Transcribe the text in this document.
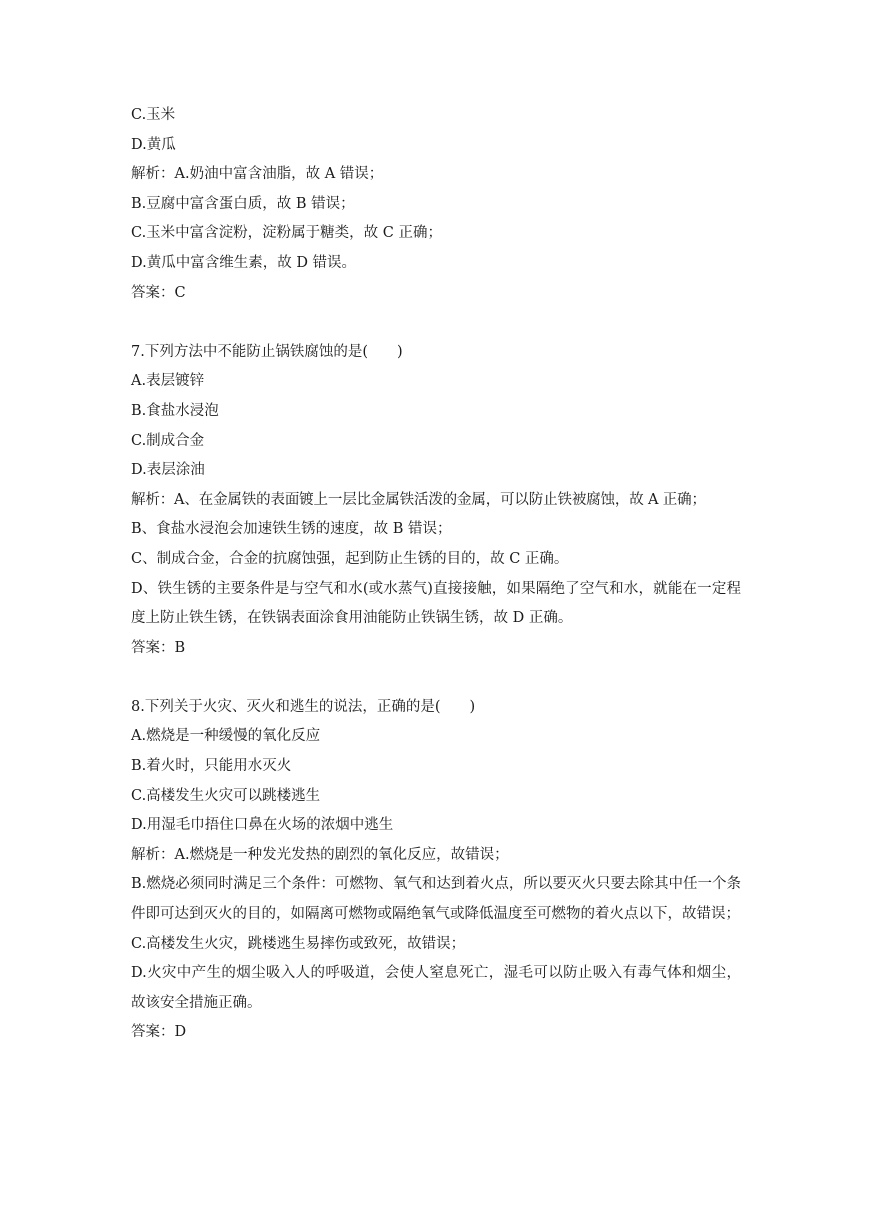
C.玉米

D.黄瓜

解析：A.奶油中富含油脂，故 A 错误；

B.豆腐中富含蛋白质，故 B 错误；

C.玉米中富含淀粉，淀粉属于糖类，故 C 正确；

D.黄瓜中富含维生素，故 D 错误。

答案：C

7.下列方法中不能防止锅铁腐蚀的是(　　)

A.表层镀锌

B.食盐水浸泡

C.制成合金

D.表层涂油

解析：A、在金属铁的表面镀上一层比金属铁活泼的金属，可以防止铁被腐蚀，故 A 正确；

B、食盐水浸泡会加速铁生锈的速度，故 B 错误；

C、制成合金，合金的抗腐蚀强，起到防止生锈的目的，故 C 正确。

D、铁生锈的主要条件是与空气和水(或水蒸气)直接接触，如果隔绝了空气和水，就能在一定程度上防止铁生锈，在铁锅表面涂食用油能防止铁锅生锈，故 D 正确。

答案：B

8.下列关于火灾、灭火和逃生的说法，正确的是(　　)

A.燃烧是一种缓慢的氧化反应

B.着火时，只能用水灭火

C.高楼发生火灾可以跳楼逃生

D.用湿毛巾捂住口鼻在火场的浓烟中逃生

解析：A.燃烧是一种发光发热的剧烈的氧化反应，故错误；

B.燃烧必须同时满足三个条件：可燃物、氧气和达到着火点，所以要灭火只要去除其中任一个条件即可达到灭火的目的，如隔离可燃物或隔绝氧气或降低温度至可燃物的着火点以下，故错误；

C.高楼发生火灾，跳楼逃生易摔伤或致死，故错误；

D.火灾中产生的烟尘吸入人的呼吸道，会使人窒息死亡，湿毛可以防止吸入有毒气体和烟尘，故该安全措施正确。

答案：D
